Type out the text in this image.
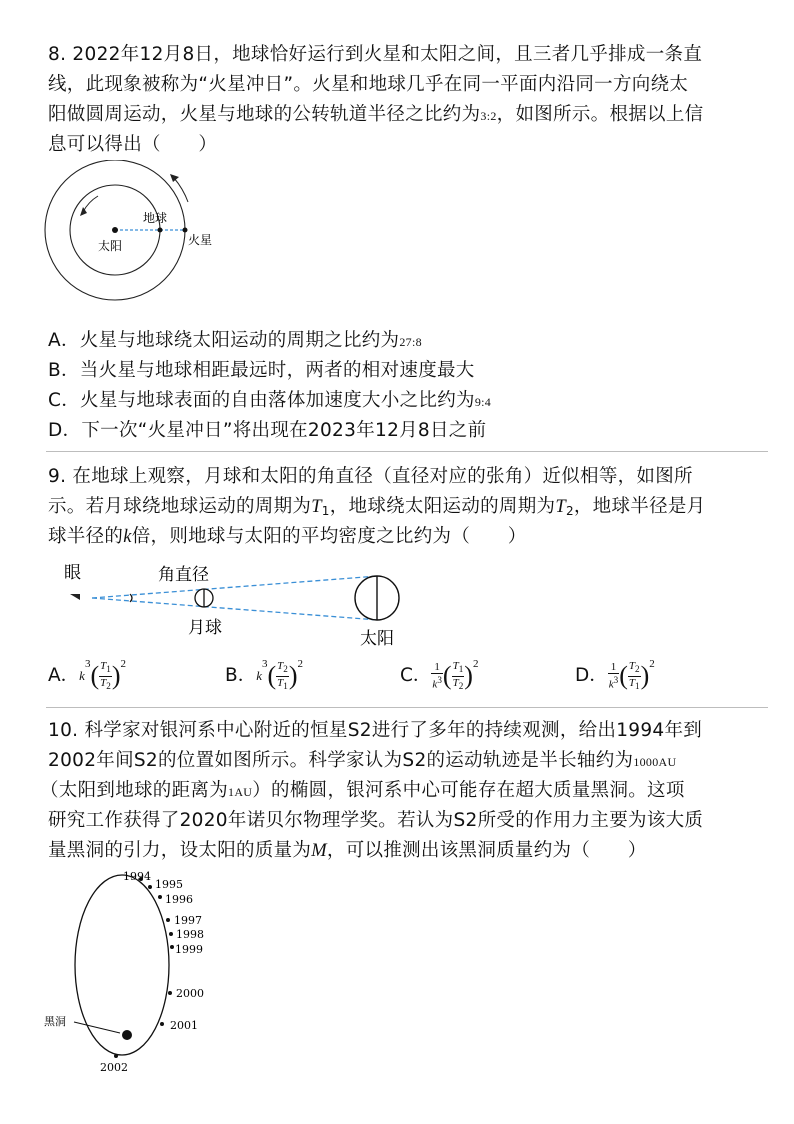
8. 2022年12月8日，地球恰好运行到火星和太阳之间，且三者几乎排成一条直
线，此现象被称为“火星冲日”。火星和地球几乎在同一平面内沿同一方向绕太
阳做圆周运动，火星与地球的公转轨道半径之比约为3:2，如图所示。根据以上信
息可以得出（　　）
太阳
地球
火星
A．火星与地球绕太阳运动的周期之比约为27:8
B．当火星与地球相距最远时，两者的相对速度最大
C．火星与地球表面的自由落体加速度大小之比约为9:4
D．下一次“火星冲日”将出现在2023年12月8日之前
9. 在地球上观察，月球和太阳的角直径（直径对应的张角）近似相等，如图所
示。若月球绕地球运动的周期为$T_1$，地球绕太阳运动的周期为$T_2$，地球半径是月
球半径的k倍，则地球与太阳的平均密度之比约为（　　）
眼	角直径
月球
太阳
A．$k^3( \frac{T_1}{T_2} )^2$
B．$k^3( \frac{T_2}{T_1} )^2$
C． $\frac{1}{k^3}$ ( $\frac{T_1}{T_2} )^2$
D． $\frac{1}{k^3}$ ( $\frac{T_2}{T_1} )^2$
10. 科学家对银河系中心附近的恒星S2进行了多年的持续观测，给出1994年到
2002年间S2的位置如图所示。科学家认为S2的运动轨迹是半长轴约为1000AU
（太阳到地球的距离为1AU）的椭圆，银河系中心可能存在超大质量黑洞。这项
研究工作获得了2020年诺贝尔物理学奖。若认为S2所受的作用力主要为该大质
量黑洞的引力，设太阳的质量为M，可以推测出该黑洞质量约为（　　）
黑洞
1994
1995
1996
1997
1998
1999
2000
2001
2002
